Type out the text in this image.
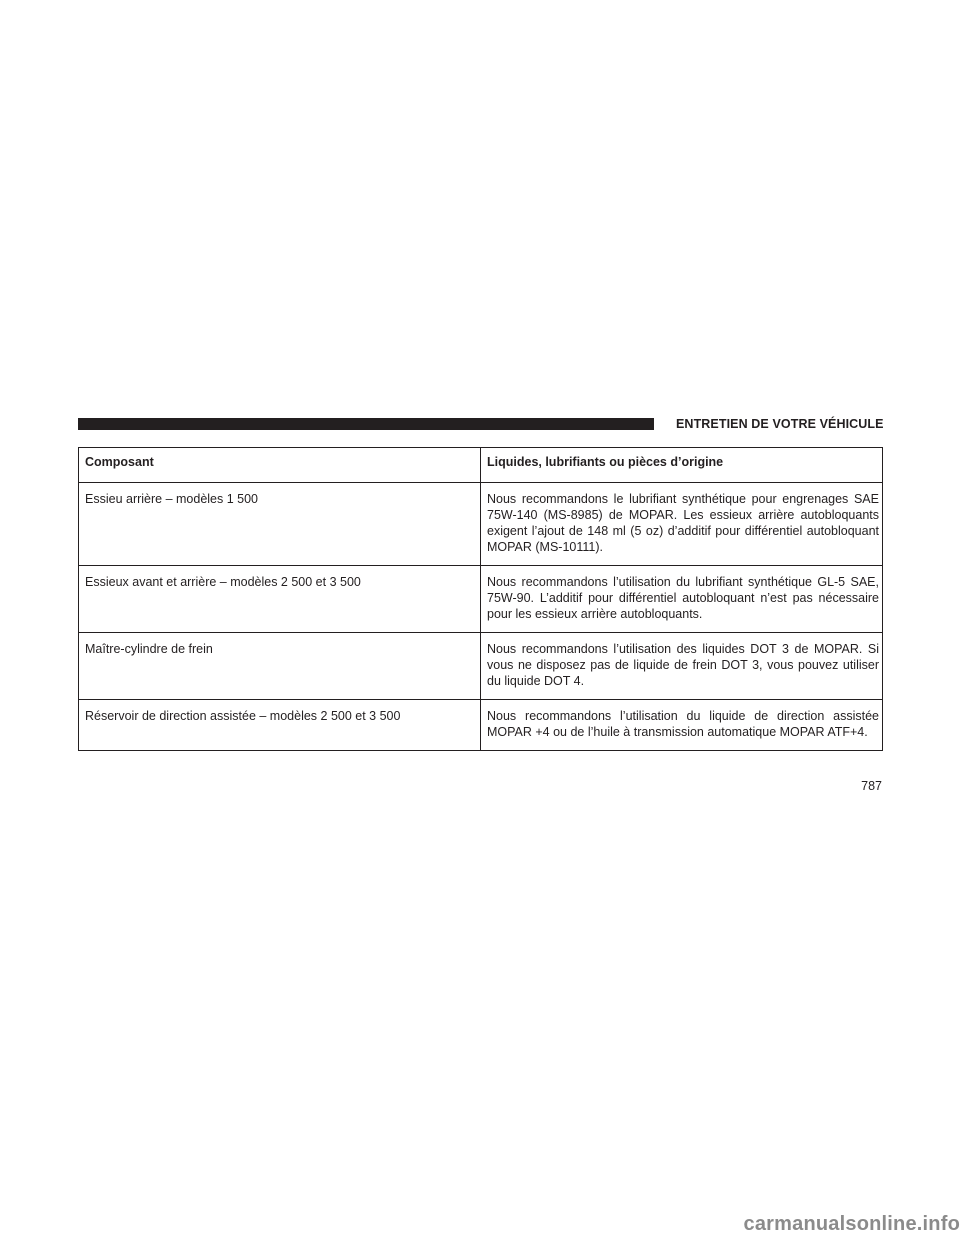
ENTRETIEN DE VOTRE VÉHICULE
Composant	Liquides, lubrifiants ou pièces d’origine
Essieu arrière – modèles 1 500	Nous recommandons le lubrifiant synthétique pour engrenages SAE 75W-140 (MS-8985) de MOPAR. Les essieux arrière autobloquants exigent l’ajout de 148 ml (5 oz) d’additif pour différentiel autobloquant MOPAR (MS-10111).
Essieux avant et arrière – modèles 2 500 et 3 500	Nous recommandons l’utilisation du lubrifiant synthétique GL-5 SAE, 75W-90. L’additif pour différentiel autobloquant n’est pas nécessaire pour les essieux arrière autobloquants.
Maître-cylindre de frein	Nous recommandons l’utilisation des liquides DOT 3 de MOPAR. Si vous ne disposez pas de liquide de frein DOT 3, vous pouvez utiliser du liquide DOT 4.
Réservoir de direction assistée – modèles 2 500 et 3 500	Nous recommandons l’utilisation du liquide de direction assistée MOPAR +4 ou de l’huile à transmission automatique MOPAR ATF+4.
787
carmanualsonline.info
